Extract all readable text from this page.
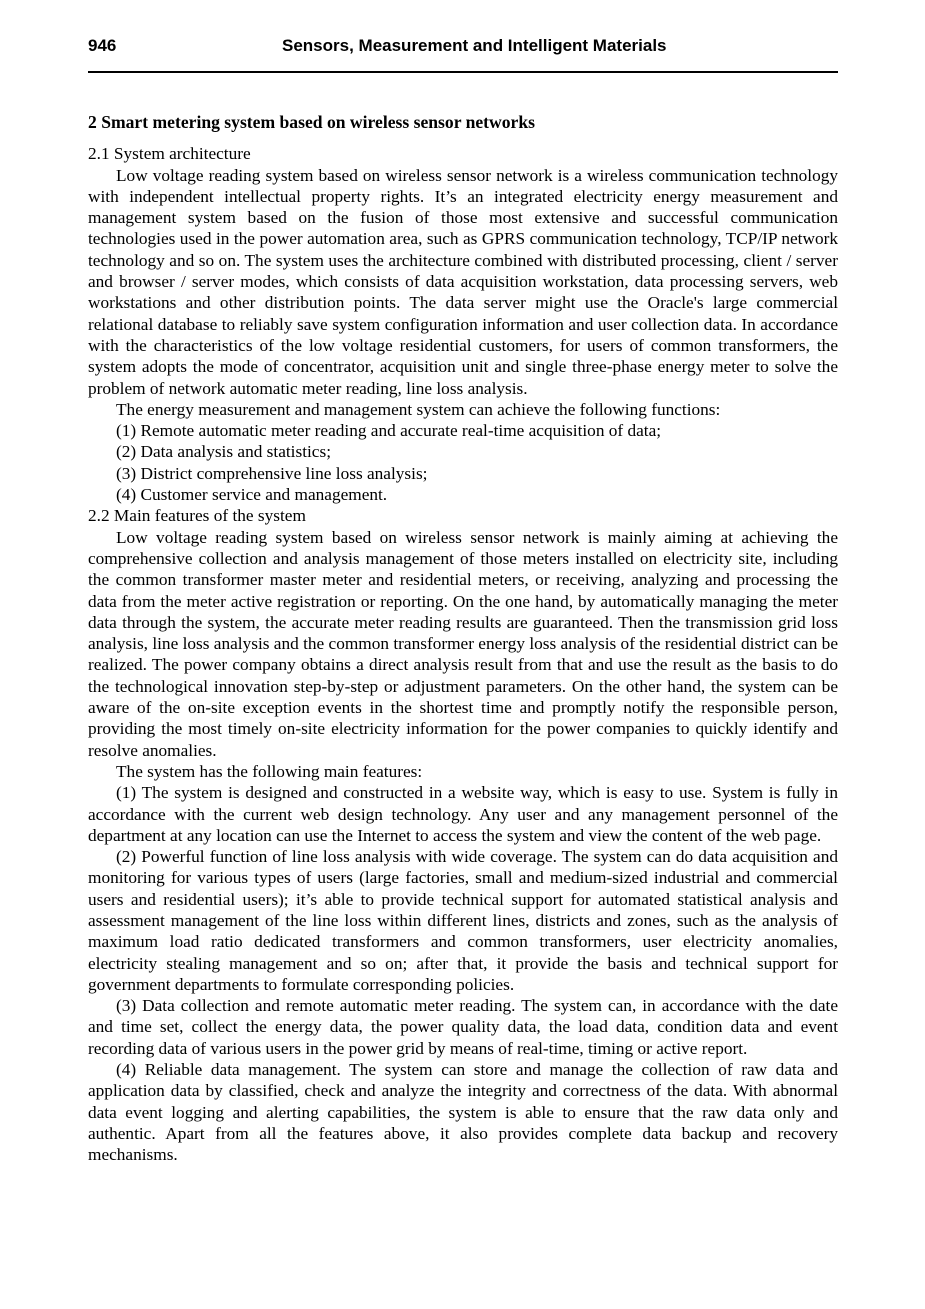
946	Sensors, Measurement and Intelligent Materials
2 Smart metering system based on wireless sensor networks

2.1 System architecture

Low voltage reading system based on wireless sensor network is a wireless communication technology with independent intellectual property rights. It’s an integrated electricity energy measurement and management system based on the fusion of those most extensive and successful communication technologies used in the power automation area, such as GPRS communication technology, TCP/IP network technology and so on. The system uses the architecture combined with distributed processing, client / server and browser / server modes, which consists of data acquisition workstation, data processing servers, web workstations and other distribution points. The data server might use the Oracle's large commercial relational database to reliably save system configuration information and user collection data. In accordance with the characteristics of the low voltage residential customers, for users of common transformers, the system adopts the mode of concentrator, acquisition unit and single three-phase energy meter to solve the problem of network automatic meter reading, line loss analysis.

The energy measurement and management system can achieve the following functions:

(1) Remote automatic meter reading and accurate real-time acquisition of data;

(2) Data analysis and statistics;

(3) District comprehensive line loss analysis;

(4) Customer service and management.

2.2 Main features of the system

Low voltage reading system based on wireless sensor network is mainly aiming at achieving the comprehensive collection and analysis management of those meters installed on electricity site, including the common transformer master meter and residential meters, or receiving, analyzing and processing the data from the meter active registration or reporting. On the one hand, by automatically managing the meter data through the system, the accurate meter reading results are guaranteed. Then the transmission grid loss analysis, line loss analysis and the common transformer energy loss analysis of the residential district can be realized. The power company obtains a direct analysis result from that and use the result as the basis to do the technological innovation step-by-step or adjustment parameters. On the other hand, the system can be aware of the on-site exception events in the shortest time and promptly notify the responsible person, providing the most timely on-site electricity information for the power companies to quickly identify and resolve anomalies.

The system has the following main features:

(1) The system is designed and constructed in a website way, which is easy to use. System is fully in accordance with the current web design technology. Any user and any management personnel of the department at any location can use the Internet to access the system and view the content of the web page.

(2) Powerful function of line loss analysis with wide coverage. The system can do data acquisition and monitoring for various types of users (large factories, small and medium-sized industrial and commercial users and residential users); it’s able to provide technical support for automated statistical analysis and assessment management of the line loss within different lines, districts and zones, such as the analysis of maximum load ratio dedicated transformers and common transformers, user electricity anomalies, electricity stealing management and so on; after that, it provide the basis and technical support for government departments to formulate corresponding policies.

(3) Data collection and remote automatic meter reading. The system can, in accordance with the date and time set, collect the energy data, the power quality data, the load data, condition data and event recording data of various users in the power grid by means of real-time, timing or active report.

(4) Reliable data management. The system can store and manage the collection of raw data and application data by classified, check and analyze the integrity and correctness of the data. With abnormal data event logging and alerting capabilities, the system is able to ensure that the raw data only and authentic. Apart from all the features above, it also provides complete data backup and recovery mechanisms.
